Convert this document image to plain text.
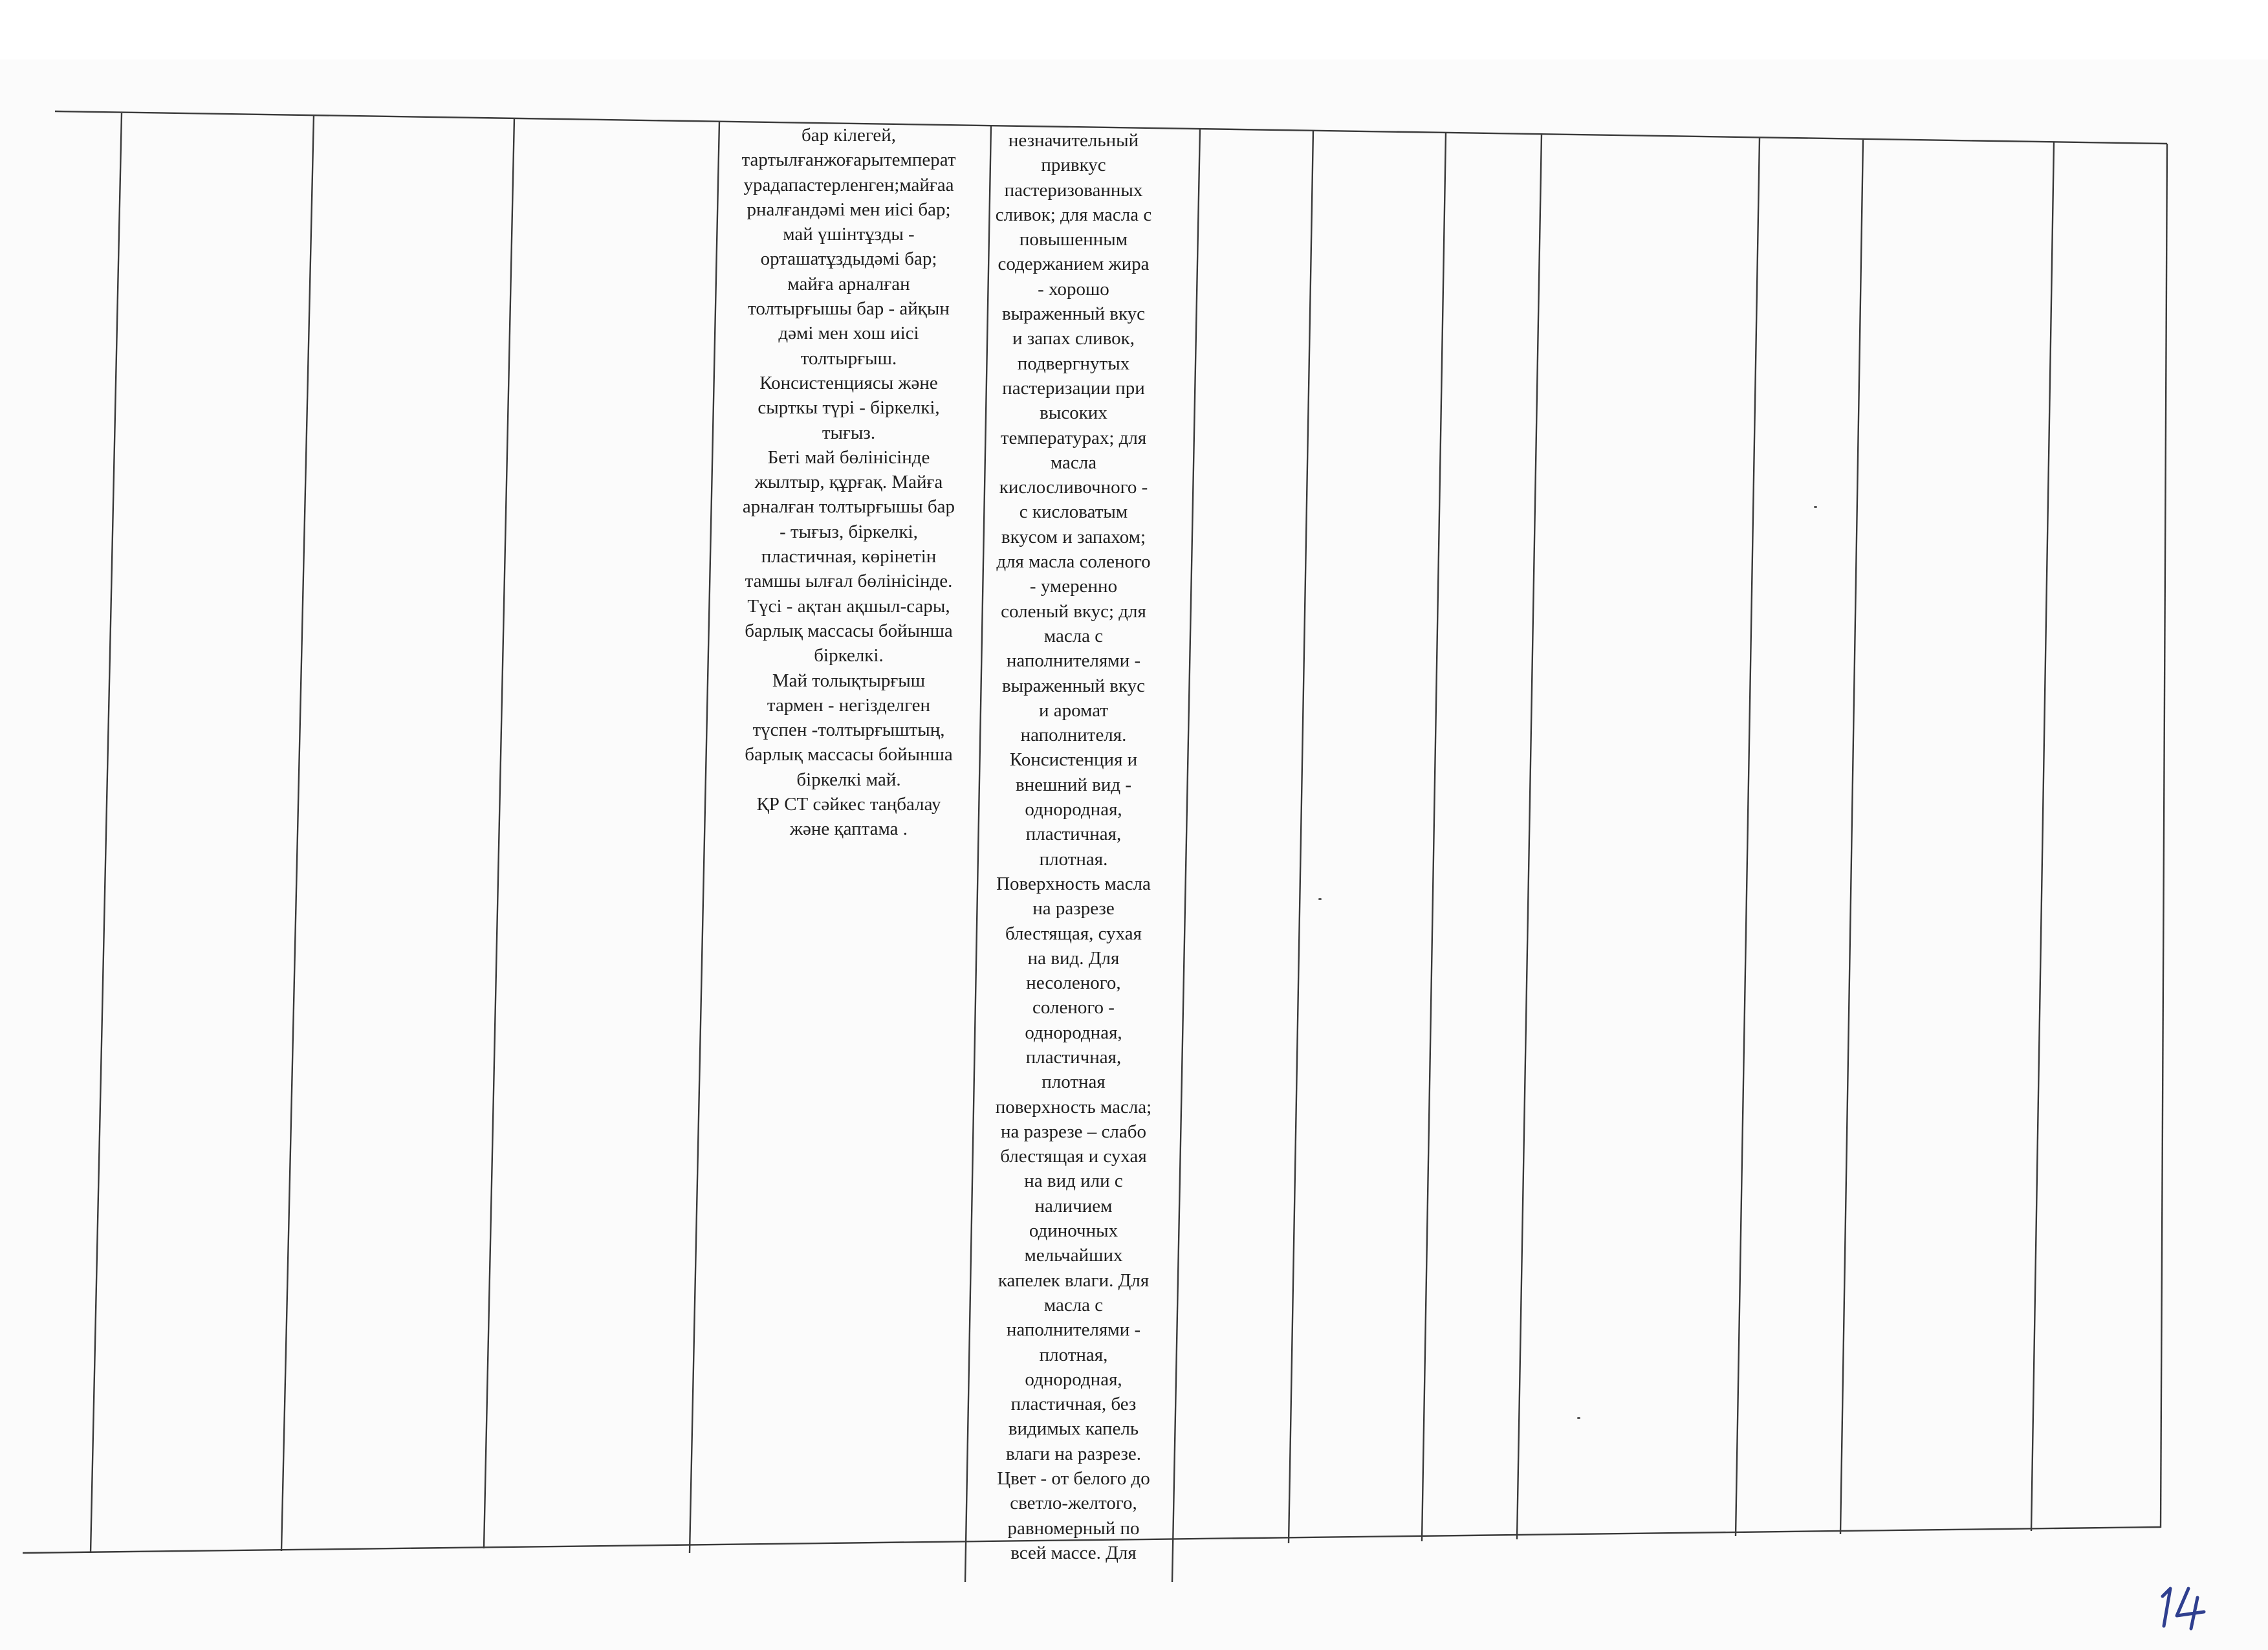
бар кілегей,
тартылғанжоғарытемперат
урадапастерленген;майғаа
рналғандәмі мен иісі бар;
май үшінтұзды -
орташатұздыдәмі бар;
майға арналған
толтырғышы бар - айқын
дәмі мен хош иісі
толтырғыш.
Консистенциясы және
сырткы түрі - біркелкі,
тығыз.
Беті май бөлінісінде
жылтыр, құрғақ. Майға
арналған толтырғышы бар
- тығыз, біркелкі,
пластичная, көрінетін
тамшы ылғал бөлінісінде.
Түсі - ақтан ақшыл-сары,
барлық массасы бойынша
біркелкі.
Май толықтырғыш
тармен - негізделген
түспен -толтырғыштың,
барлық массасы бойынша
біркелкі май.
ҚР СТ сәйкес таңбалау
және қаптама .

незначительный
привкус
пастеризованных
сливок; для масла с
повышенным
содержанием жира
- хорошо
выраженный вкус
и запах сливок,
подвергнутых
пастеризации при
высоких
температурах; для
масла
кислосливочного -
с кисловатым
вкусом и запахом;
для масла соленого
- умеренно
соленый вкус; для
масла с
наполнителями -
выраженный вкус
и аромат
наполнителя.
Консистенция и
внешний вид -
однородная,
пластичная,
плотная.
Поверхность масла
на разрезе
блестящая, сухая
на вид. Для
несоленого,
соленого -
однородная,
пластичная,
плотная
поверхность масла;
на разрезе – слабо
блестящая и сухая
на вид или с
наличием
одиночных
мельчайших
капелек влаги. Для
масла с
наполнителями -
плотная,
однородная,
пластичная, без
видимых капель
влаги на разрезе.
Цвет - от белого до
светло-желтого,
равномерный по
всей массе. Для
